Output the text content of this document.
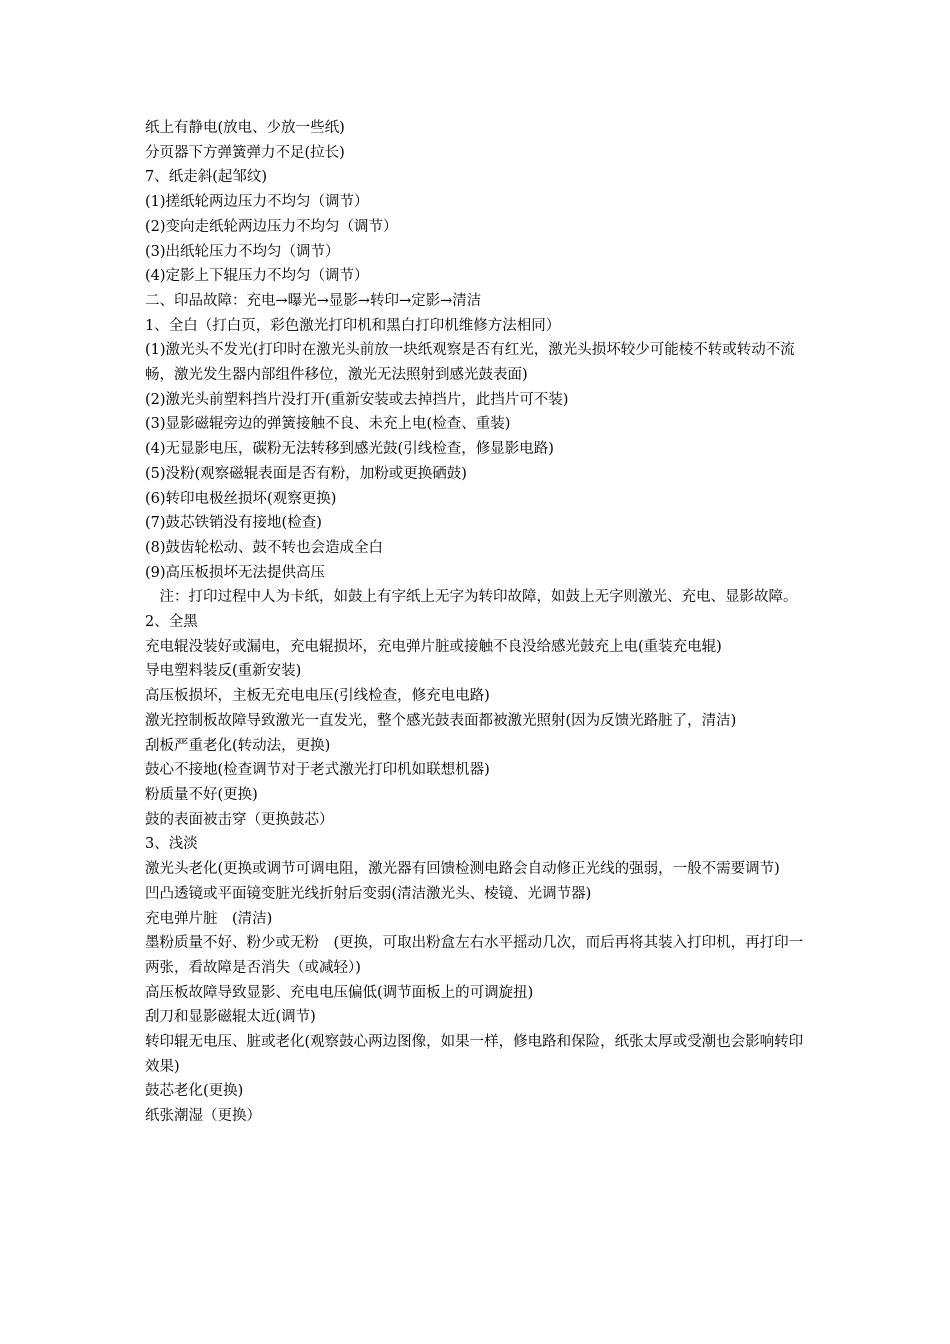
纸上有静电(放电、少放一些纸)

分页器下方弹簧弹力不足(拉长)

7、纸走斜(起邹纹)

(1)搓纸轮两边压力不均匀（调节）

(2)变向走纸轮两边压力不均匀（调节）

(3)出纸轮压力不均匀（调节）

(4)定影上下辊压力不均匀（调节）

二、印品故障：充电→曝光→显影→转印→定影→清洁

1、全白（打白页，彩色激光打印机和黑白打印机维修方法相同）

(1)激光头不发光(打印时在激光头前放一块纸观察是否有红光，激光头损坏较少可能棱不转或转动不流畅，激光发生器内部组件移位，激光无法照射到感光鼓表面)

(2)激光头前塑料挡片没打开(重新安装或去掉挡片，此挡片可不装)

(3)显影磁辊旁边的弹簧接触不良、未充上电(检查、重装)

(4)无显影电压，碳粉无法转移到感光鼓(引线检查，修显影电路)

(5)没粉(观察磁辊表面是否有粉，加粉或更换硒鼓)

(6)转印电极丝损坏(观察更换)

(7)鼓芯铁销没有接地(检查)

(8)鼓齿轮松动、鼓不转也会造成全白

(9)高压板损坏无法提供高压

注：打印过程中人为卡纸，如鼓上有字纸上无字为转印故障，如鼓上无字则激光、充电、显影故障。

2、全黑

充电辊没装好或漏电，充电辊损坏，充电弹片脏或接触不良没给感光鼓充上电(重装充电辊)

导电塑料装反(重新安装)

高压板损坏，主板无充电电压(引线检查，修充电电路)

激光控制板故障导致激光一直发光，整个感光鼓表面都被激光照射(因为反馈光路脏了，清洁)

刮板严重老化(转动法，更换)

鼓心不接地(检查调节对于老式激光打印机如联想机器)

粉质量不好(更换)

鼓的表面被击穿（更换鼓芯）

3、浅淡

激光头老化(更换或调节可调电阻，激光器有回馈检测电路会自动修正光线的强弱，一般不需要调节)

凹凸透镜或平面镜变脏光线折射后变弱(清洁激光头、棱镜、光调节器)

充电弹片脏　(清洁)

墨粉质量不好、粉少或无粉　(更换，可取出粉盒左右水平摇动几次，而后再将其装入打印机，再打印一两张，看故障是否消失（或减轻）)

高压板故障导致显影、充电电压偏低(调节面板上的可调旋扭)

刮刀和显影磁辊太近(调节)

转印辊无电压、脏或老化(观察鼓心两边图像，如果一样，修电路和保险，纸张太厚或受潮也会影响转印效果)

鼓芯老化(更换)

纸张潮湿（更换）
